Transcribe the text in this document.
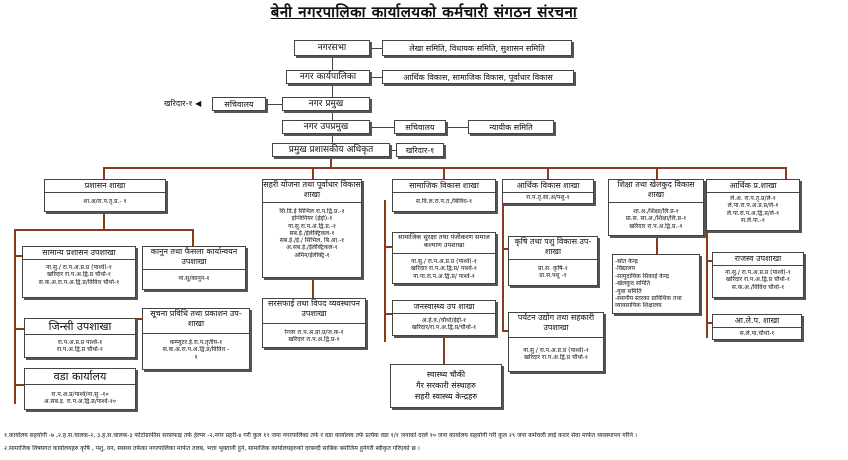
बेनी नगरपालिका कार्यालयको कर्मचारी संगठन संरचना
नगरसभा	लेखा समिति, विधायक समिति, सुशासन समिति
नगर कार्यपालिका	आर्थिक विकास, सामाजिक विकास, पूर्वाधार विकास
नगर प्रमुख
सचिवालय
खरिदार-१ ◀
नगर उपप्रमुख	सचिवालय	न्यायीक समिति
प्रमुख प्रशासकीय अधिकृत	खरिदार-१
प्रशासन शाखा
शा.अ/रा.प.तृ.प्र.- १
सहरी योजना तथा पूर्वाधार विकास शाखा
सि.डि.ई सिभिल रा.प.द्वि.प्र.-१
इन्जिनियर (ईद्दो)-१
ना.सु.रा.प.अ.द्वि.प्र.-१
सब.ई./ईलेक्ट्रिकल-१
सब.ई./ई./ सिभिल, बि.आ.-१
अ.सब.ई./ईलेक्ट्रिकल-१
अमिन/ईलेक्ट्रि-१
सामाजिक विकास शाखा
स.वि.ल.रा.प.त./बिविध-१
आर्थिक विकास शाखा
रा.प.तृ.सा.अ/पशु-१
शिक्षा तथा खेलकुद विकास शाखा
शा.अ./शिक्षा/लि.प्र-१
प्रा.स. सा.अ./शिक्षा/लि.प्र-१
खरिदार रा.प.अ.द्वि.प्र.-१
आर्थिक प्र.शाखा
ले.अ. रा.प.तृ.प्र/ले-१
ले.पा.रा.प.अ.प्र.प्र/ले-१
ले.पा.रा.प.अ.द्वि.प्र/ले-१
स.ले.पा.-१
सामान्य प्रशासन उपशाखा
ना.सु./ रा.प.अ.प्र.प्र (पार्श्व)-१
खरिदार रा.प.अ.द्वि.प्र चौथो-१
स.क.अ.रा.प.अ.द्वि.प्र/विविध चौथो-१
कानुन तथा फैसला कार्यान्वयन उपशाखा
ना.सु/कानुन-१
जिन्सी उपशाखा
रा.प.अ.प्र.प्र पार्श्व-१
रा.प.अ.द्वि.प्र चौथो-१
सूचना प्रविधि तथा प्रकाशन उप-शाखा
कम्प्युटर.ई.रा.प.तृतीय-१
स.क.अ.रा.प.अ.द्वि.प्र/विविध -
१
वडा कार्यालय
रा.प.अ.प्र/पार्श्व/ना.सु -१०
अ.सब.इ. रा.प.अ.द्वि.प्र/पार्श्व-१०
सरसफाई तथा विपद व्यवस्थापन उपशाखा
रेन्जर रा.प.अ.प्रा.प्र/ज.क-१
खरिदार रा.प.अ.द्वि.प्र-१
सामाजिक सुरक्षा तथा पंजीकरण समाज कल्याण उपशाखा
ना.सु./ रा.प.अ.प्र.प्र (पार्श्व)-१
खरिदार रा.प.अ.द्वि.प्र/ पार्श्व-१
ना.पा.रा.प.अ.द्वि.प्र/ पार्श्व-१
जनस्वास्थ्य उप शाखा
अ.हे.व./चौथो/ईद्दो-१
खरिदार/रा.प.अ.द्वि.प्र/चौथो-१
स्वास्थ्य चौकी
गैर सरकारी संस्थाहरु
सहरी स्वास्थ्य केन्द्रहरु
कृषि तथा पशु विकास उप-शाखा
प्रा.स. कृषि-१
प्रा.स.पशु -१
पर्यटन उद्योग तथा सहकारी उपशाखा
ना.सु / रा.प.अ.प्र.प्र (पार्श्व)-१
खरिदार रा.प.अ.द्वि.प्र चौथो-१
-स्रोत केन्द्र
-विद्यालय
-सामुदायिक सिकाई केन्द्र
-खेलकुद समिति
-युवा समिति
-स्थानीय स्तरका प्राविधिक तथा
व्यावसायिक शिक्षालय
राजस्व उपशाखा
ना.सु./ रा.प.अ.प्र.प्र (पार्श्व)-१
खरिदार रा.प.अ.द्वि.प्र चौथो-१
स.क.अ./विविध चौथो-१
आ.ले.प. शाखा
स.ले.पा.चौथो-१
१.कार्यालय सहयोगी -७ ,२.ह.स.चालक-२, ३.ह.स.चालक-३ फोटोग्राफीस सरसफाइ तर्फ हेल्पर -२,नगर प्रहरी-४ गरी कुल १९ जना नगरपालिका तर्फ र वडा कार्यालय तर्फ प्रत्येक वडा १/१ जनाको दरले १० जना कार्यालय सहयोगी गरी कुल २९ जना कर्मचारी लाई करार सेवा मार्फत व्यवस्थापन गरिने ।
२.सामाजिक विषयगत कार्यालयहरु कृषि , पशु, वन, स्वस्थ्य तर्फका नगरपालिका मार्फत तलब, भत्ता भुक्तानी हुने, सामाजिक कार्यालयहरुको दरबन्दी साबिक बमोजिम हुनेगरी स्वीकृत गरिएको छ ।
